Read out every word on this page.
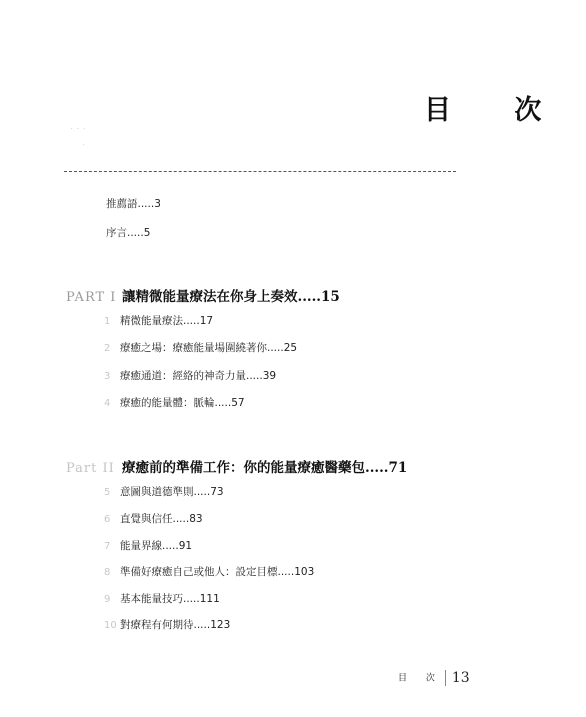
目 次
· · ·
·
推薦語.....3
序言.....5
PART I 讓精微能量療法在你身上奏效.....15
1 精微能量療法.....17
2 療癒之場：療癒能量場圍繞著你.....25
3 療癒通道：經絡的神奇力量.....39
4 療癒的能量體：脈輪.....57
Part II 療癒前的準備工作：你的能量療癒醫藥包.....71
5 意圖與道德準則.....73
6 直覺與信任.....83
7 能量界線.....91
8 準備好療癒自己或他人：設定目標.....103
9 基本能量技巧.....111
10 對療程有何期待.....123
目 次 13
